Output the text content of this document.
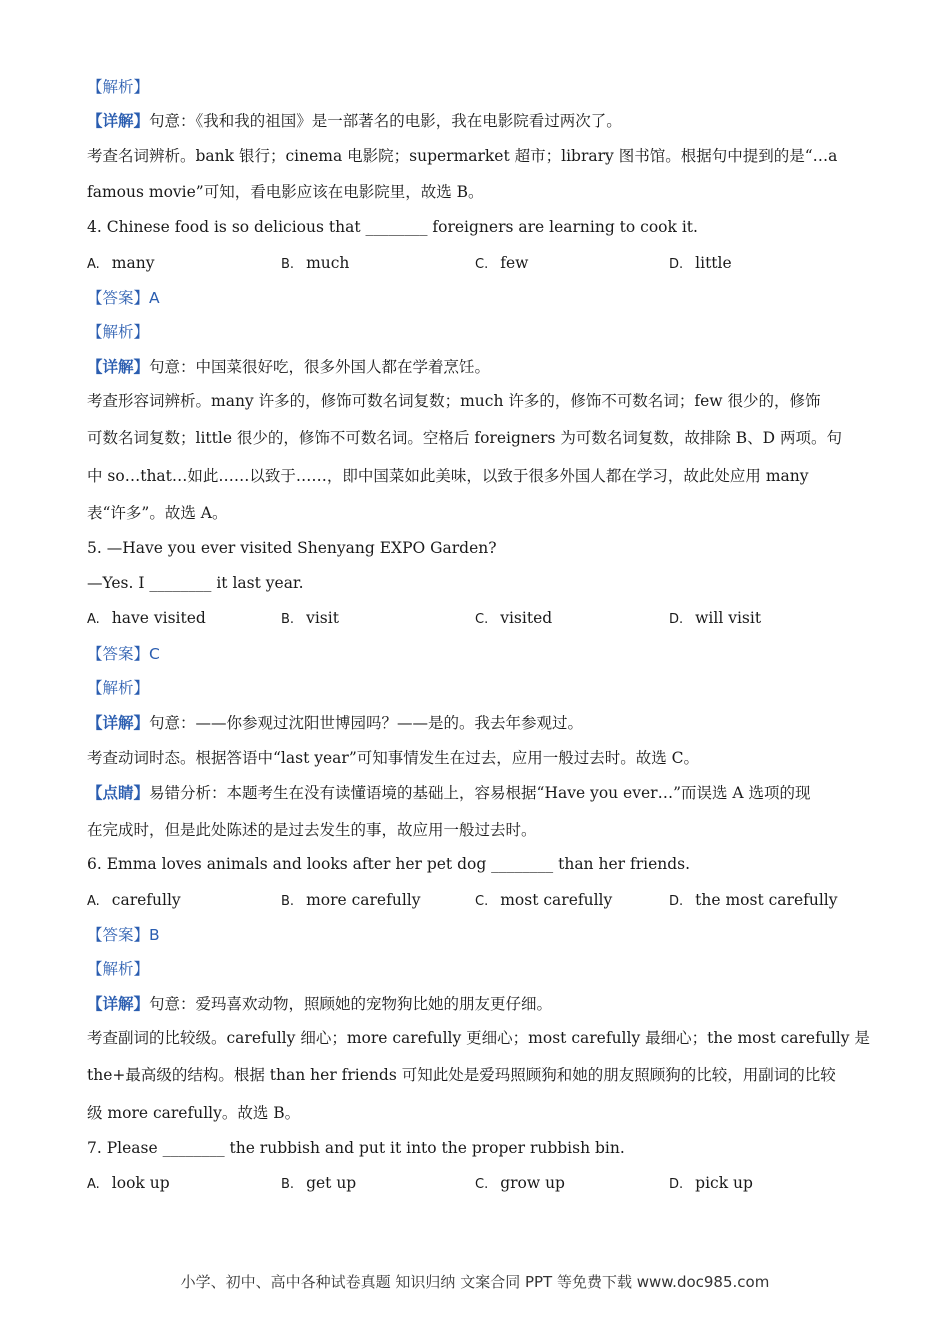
【解析】
【详解】句意：《我和我的祖国》是一部著名的电影，我在电影院看过两次了。
考查名词辨析。bank 银行；cinema 电影院；supermarket 超市；library 图书馆。根据句中提到的是“…a
famous movie”可知，看电影应该在电影院里，故选 B。
4. Chinese food is so delicious that ________ foreigners are learning to cook it.
A. many	B. much	C. few	D. little
【答案】A
【解析】
【详解】句意：中国菜很好吃，很多外国人都在学着烹饪。
考查形容词辨析。many 许多的，修饰可数名词复数；much 许多的，修饰不可数名词；few 很少的，修饰
可数名词复数；little 很少的，修饰不可数名词。空格后 foreigners 为可数名词复数，故排除 B、D 两项。句
中 so…that…如此……以致于……，即中国菜如此美味，以致于很多外国人都在学习，故此处应用 many
表“许多”。故选 A。
5. —Have you ever visited Shenyang EXPO Garden?
—Yes. I ________ it last year.
A. have visited	B. visit	C. visited	D. will visit
【答案】C
【解析】
【详解】句意：——你参观过沈阳世博园吗？——是的。我去年参观过。
考查动词时态。根据答语中“last year”可知事情发生在过去，应用一般过去时。故选 C。
【点睛】易错分析：本题考生在没有读懂语境的基础上，容易根据“Have you ever…”而误选 A 选项的现
在完成时，但是此处陈述的是过去发生的事，故应用一般过去时。
6. Emma loves animals and looks after her pet dog ________ than her friends.
A. carefully	B. more carefully	C. most carefully	D. the most carefully
【答案】B
【解析】
【详解】句意：爱玛喜欢动物，照顾她的宠物狗比她的朋友更仔细。
考查副词的比较级。carefully 细心；more carefully 更细心；most carefully 最细心；the most carefully 是
the+最高级的结构。根据 than her friends 可知此处是爱玛照顾狗和她的朋友照顾狗的比较，用副词的比较
级 more carefully。故选 B。
7. Please ________ the rubbish and put it into the proper rubbish bin.
A. look up	B. get up	C. grow up	D. pick up
小学、初中、高中各种试卷真题 知识归纳 文案合同 PPT 等免费下载 www.doc985.com
